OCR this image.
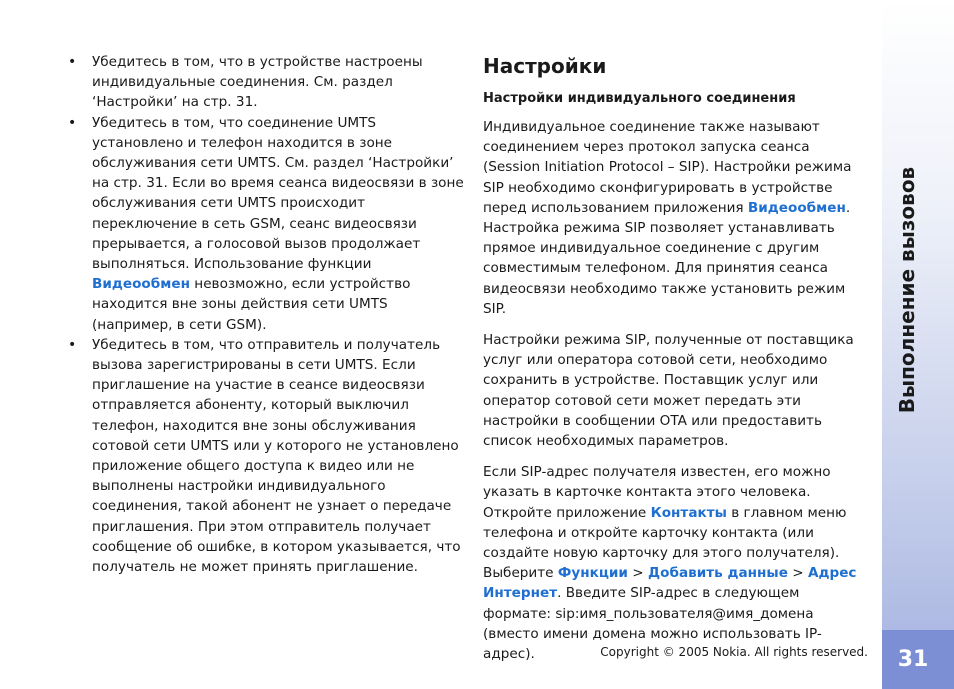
• Убедитесь в том, что в устройстве настроены индивидуальные соединения. См. раздел ‘Настройки’ на стр. 31.
• Убедитесь в том, что соединение UMTS установлено и телефон находится в зоне обслуживания сети UMTS. См. раздел ‘Настройки’ на стр. 31. Если во время сеанса видеосвязи в зоне обслуживания сети UMTS происходит переключение в сеть GSM, сеанс видеосвязи прерывается, а голосовой вызов продолжает выполняться. Использование функции Видеообмен невозможно, если устройство находится вне зоны действия сети UMTS (например, в сети GSM).
• Убедитесь в том, что отправитель и получатель вызова зарегистрированы в сети UMTS. Если приглашение на участие в сеансе видеосвязи отправляется абоненту, который выключил телефон, находится вне зоны обслуживания сотовой сети UMTS или у которого не установлено приложение общего доступа к видео или не выполнены настройки индивидуального соединения, такой абонент не узнает о передаче приглашения. При этом отправитель получает сообщение об ошибке, в котором указывается, что получатель не может принять приглашение.
Настройки
Настройки индивидуального соединения

Индивидуальное соединение также называют соединением через протокол запуска сеанса (Session Initiation Protocol – SIP). Настройки режима SIP необходимо сконфигурировать в устройстве перед использованием приложения Видеообмен. Настройка режима SIP позволяет устанавливать прямое индивидуальное соединение с другим совместимым телефоном. Для принятия сеанса видеосвязи необходимо также установить режим SIP.

Настройки режима SIP, полученные от поставщика услуг или оператора сотовой сети, необходимо сохранить в устройстве. Поставщик услуг или оператор сотовой сети может передать эти настройки в сообщении OTA или предоставить список необходимых параметров.

Если SIP-адрес получателя известен, его можно указать в карточке контакта этого человека. Откройте приложение Контакты в главном меню телефона и откройте карточку контакта (или создайте новую карточку для этого получателя). Выберите Функции > Добавить данные > Адрес Интернет. Введите SIP-адрес в следующем формате: sip:имя_пользователя@имя_домена (вместо имени домена можно использовать IP-адрес).

Выполнение вызовов
31
Copyright © 2005 Nokia. All rights reserved.
